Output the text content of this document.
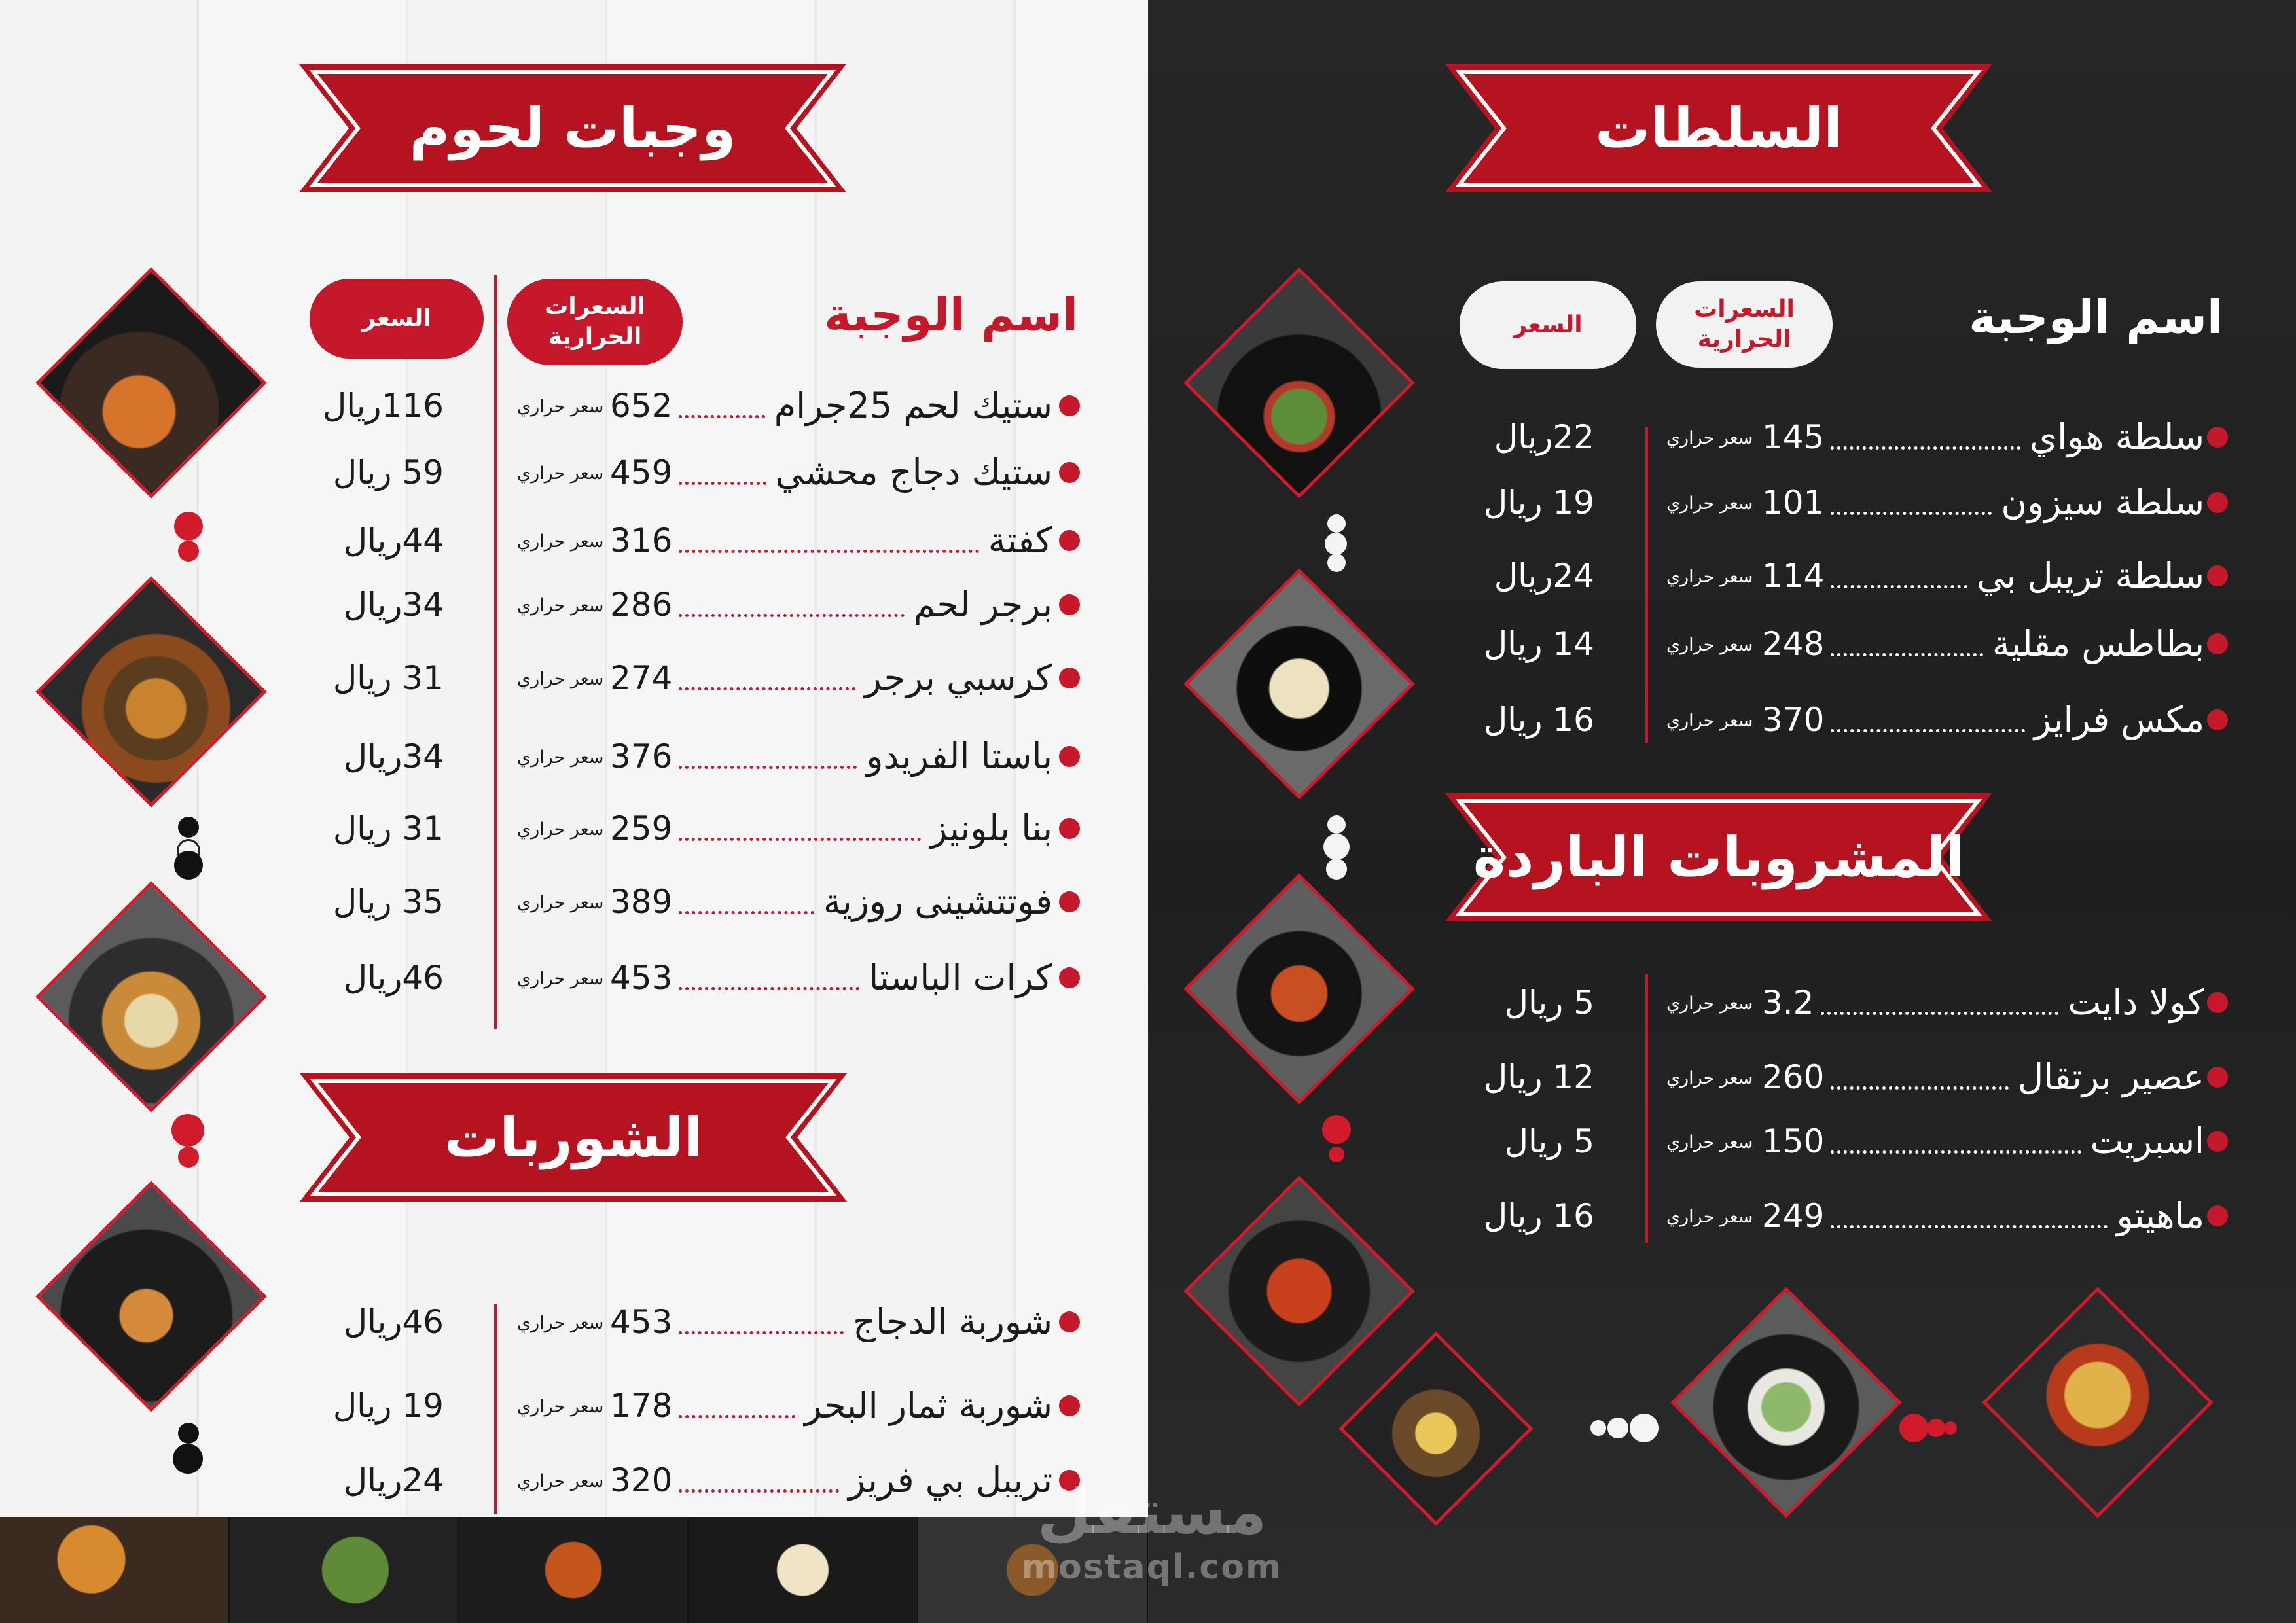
وجبات لحوم
اسم الوجبة
السعرات الحرارية
السعر
ستيك لحم 25جرام
652
سعر حراري
116ريال
ستيك دجاج محشي
459
سعر حراري
59 ريال
كفتة
316
سعر حراري
44ريال
برجر لحم
286
سعر حراري
34ريال
كرسبي برجر
274
سعر حراري
31 ريال
باستا الفريدو
376
سعر حراري
34ريال
بنا بلونيز
259
سعر حراري
31 ريال
فوتتشينى روزية
389
سعر حراري
35 ريال
كرات الباستا
453
سعر حراري
46ريال
الشوربات
شوربة الدجاج
453
سعر حراري
46ريال
شوربة ثمار البحر
178
سعر حراري
19 ريال
تريبل بي فريز
320
سعر حراري
24ريال
السلطات
اسم الوجبة
السعرات الحرارية
السعر
سلطة هواي
145
سعر حراري
22ريال
سلطة سيزون
101
سعر حراري
19 ريال
سلطة تريبل بي
114
سعر حراري
24ريال
بطاطس مقلية
248
سعر حراري
14 ريال
مكس فرايز
370
سعر حراري
16 ريال
المشروبات الباردة
كولا دايت
3.2
سعر حراري
5 ريال
عصير برتقال
260
سعر حراري
12 ريال
اسبريت
150
سعر حراري
5 ريال
ماهيتو
249
سعر حراري
16 ريال
مستقل
mostaql.com
